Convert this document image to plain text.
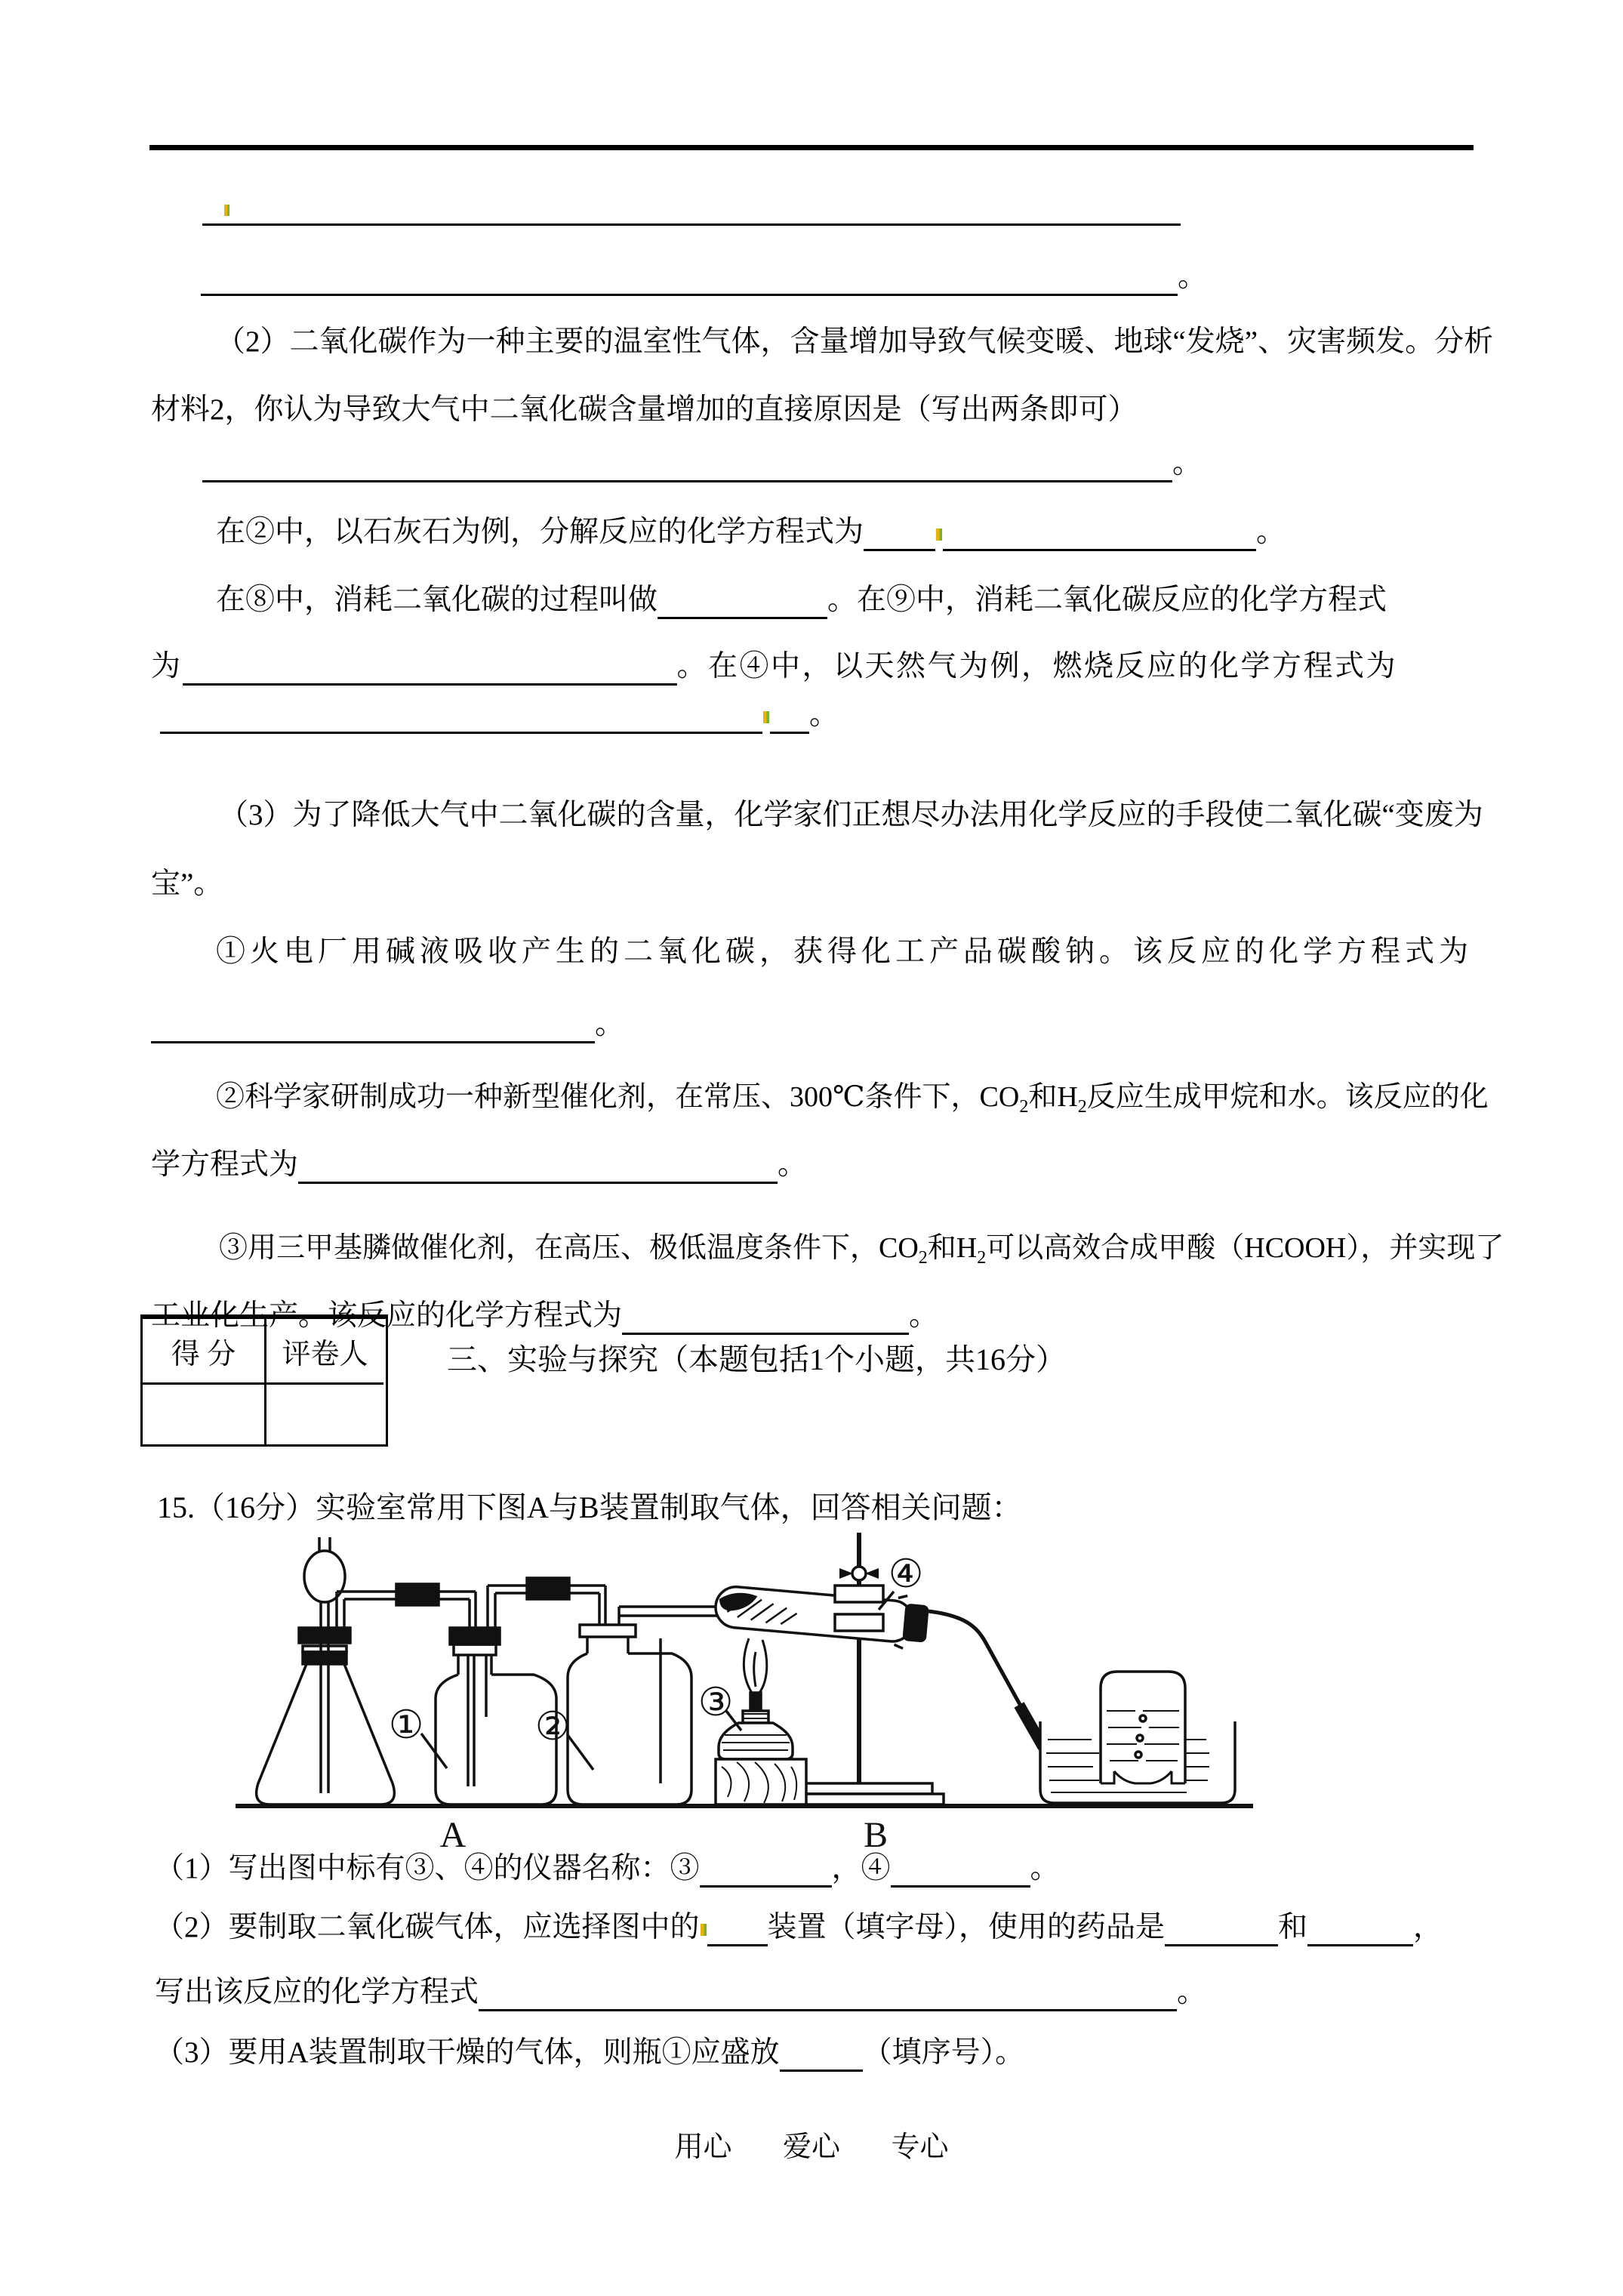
。
（2）二氧化碳作为一种主要的温室性气体，含量增加导致气候变暖、地球“发烧”、灾害频发。分析
材料2，你认为导致大气中二氧化碳含量增加的直接原因是（写出两条即可）
。
在②中，以石灰石为例，分解反应的化学方程式为	。
在⑧中，消耗二氧化碳的过程叫做	。在⑨中，消耗二氧化碳反应的化学方程式
为	。在④中，以天然气为例，燃烧反应的化学方程式为
。
（3）为了降低大气中二氧化碳的含量，化学家们正想尽办法用化学反应的手段使二氧化碳“变废为
宝”。
①火电厂用碱液吸收产生的二氧化碳，获得化工产品碳酸钠。该反应的化学方程式为
。
②科学家研制成功一种新型催化剂，在常压、300℃条件下，$CO_2$和$H_2$反应生成甲烷和水。该反应的化
学方程式为	。
③用三甲基膦做催化剂，在高压、极低温度条件下，$CO_2$和$H_2$可以高效合成甲酸（HCOOH），并实现了
工业化生产。该反应的化学方程式为	。
得 分	评卷人	三、实验与探究（本题包括1个小题，共16分）
15.（16分）实验室常用下图A与B装置制取气体，回答相关问题：
①	②
A
④
③
B
（1）写出图中标有③、④的仪器名称：③	，④	。
（2）要制取二氧化碳气体，应选择图中的 装置（填字母），使用的药品是	和	，
写出该反应的化学方程式	。
（3）要用A装置制取干燥的气体，则瓶①应盛放	（填序号）。
用心 爱心 专心
